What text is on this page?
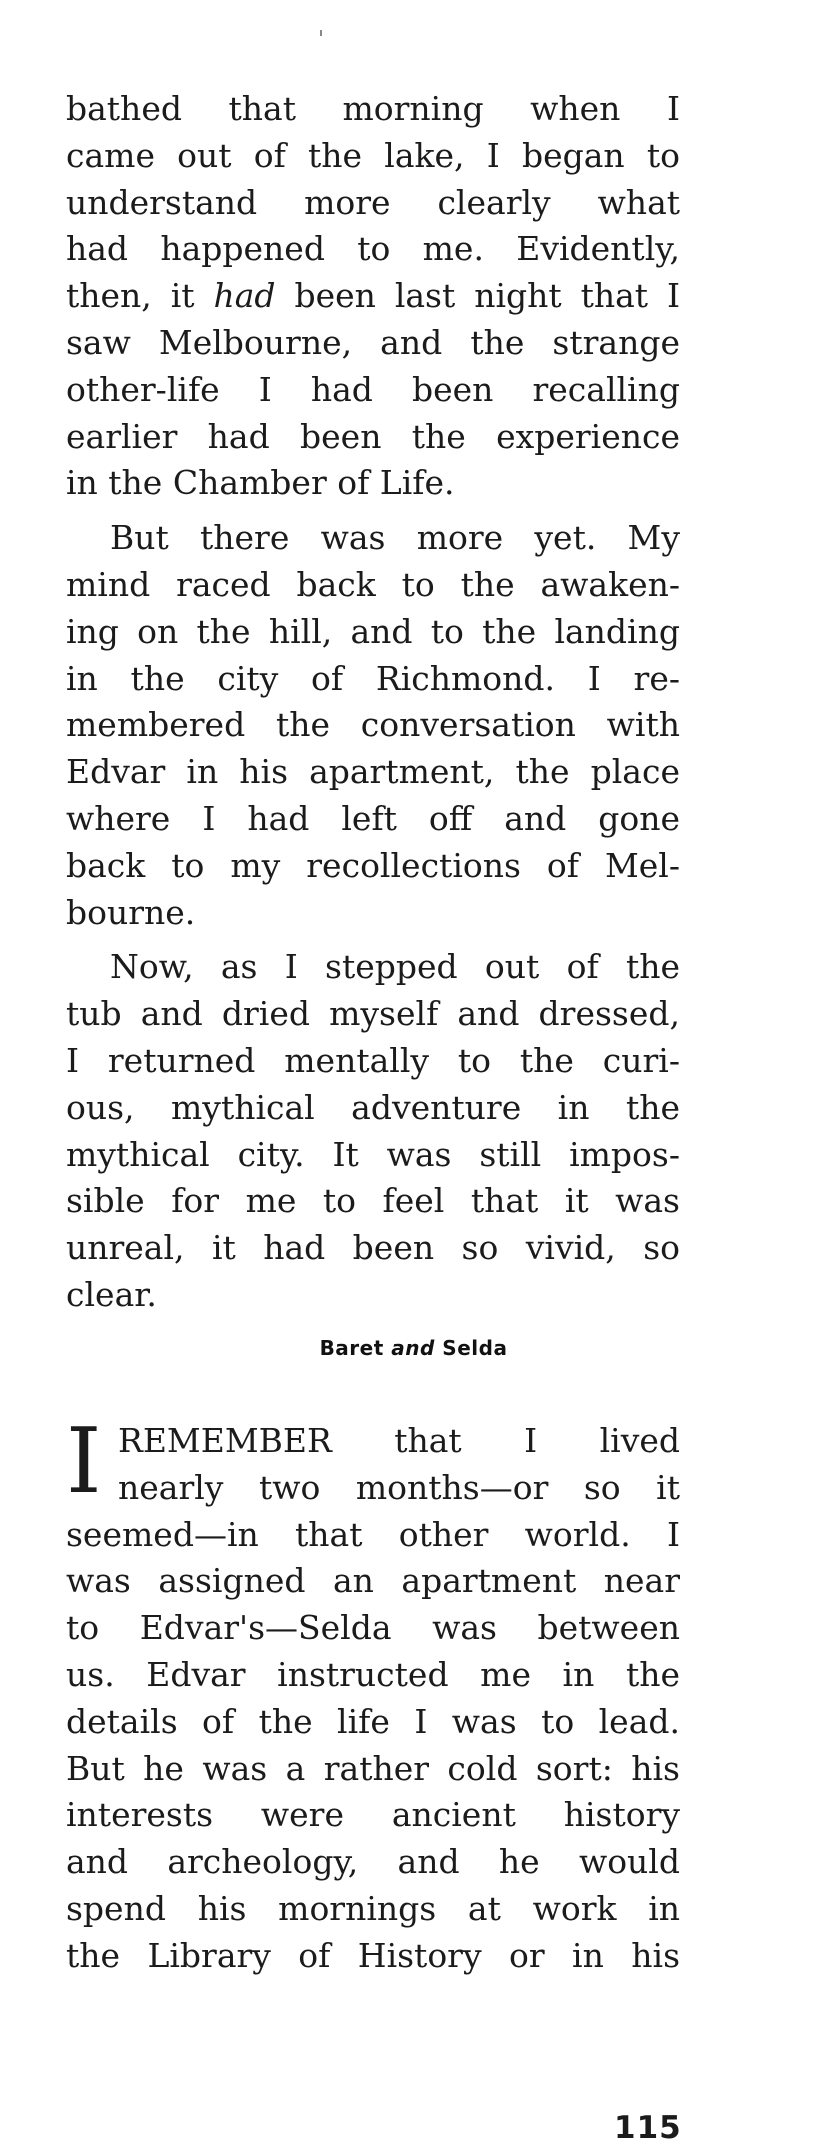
bathed that morning when I
came out of the lake, I began to
understand more clearly what
had happened to me. Evidently,
then, it had been last night that I
saw Melbourne, and the strange
other-life I had been recalling
earlier had been the experience
in the Chamber of Life.
But there was more yet. My
mind raced back to the awaken-
ing on the hill, and to the landing
in the city of Richmond. I re-
membered the conversation with
Edvar in his apartment, the place
where I had left off and gone
back to my recollections of Mel-
bourne.
Now, as I stepped out of the
tub and dried myself and dressed,
I returned mentally to the curi-
ous, mythical adventure in the
mythical city. It was still impos-
sible for me to feel that it was
unreal, it had been so vivid, so
clear.
Baret and Selda
I REMEMBER that I lived
nearly two months—or so it
seemed—in that other world. I
was assigned an apartment near
to Edvar's—Selda was between
us. Edvar instructed me in the
details of the life I was to lead.
But he was a rather cold sort: his
interests were ancient history
and archeology, and he would
spend his mornings at work in
the Library of History or in his
115
